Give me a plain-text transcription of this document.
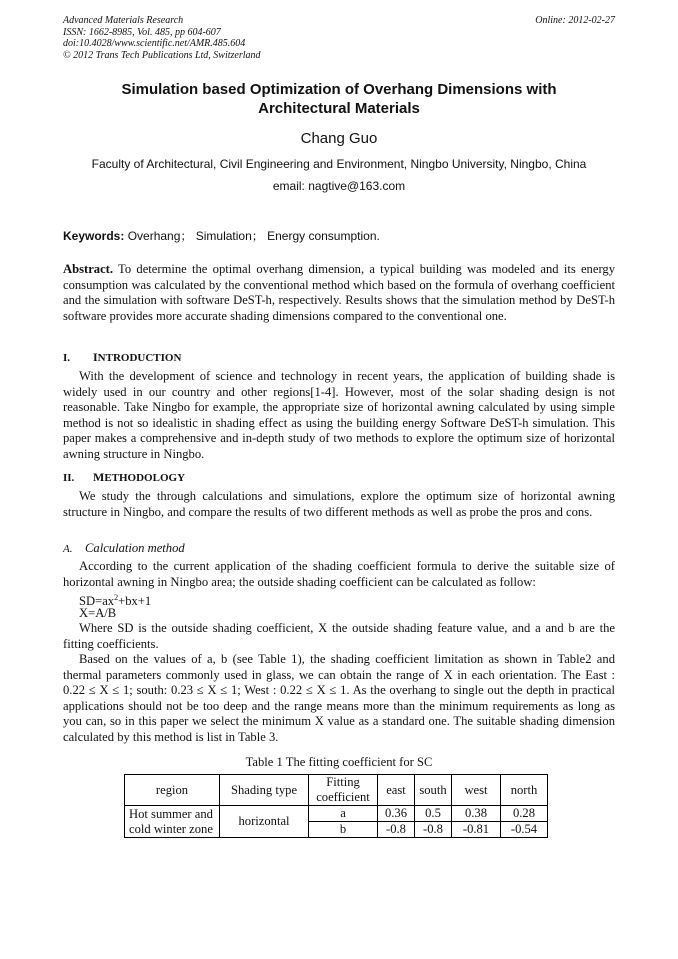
Advanced Materials Research
ISSN: 1662-8985, Vol. 485, pp 604-607
doi:10.4028/www.scientific.net/AMR.485.604
© 2012 Trans Tech Publications Ltd, Switzerland
Online: 2012-02-27
Simulation based Optimization of Overhang Dimensions with
Architectural Materials
Chang Guo
Faculty of Architectural, Civil Engineering and Environment, Ningbo University, Ningbo, China
email: nagtive@163.com
Keywords: Overhang； Simulation； Energy consumption.

Abstract. To determine the optimal overhang dimension, a typical building was modeled and its energy consumption was calculated by the conventional method which based on the formula of overhang coefficient and the simulation with software DeST-h, respectively. Results shows that the simulation method by DeST-h software provides more accurate shading dimensions compared to the conventional one.

I. INTRODUCTION

With the development of science and technology in recent years, the application of building shade is widely used in our country and other regions[1-4]. However, most of the solar shading design is not reasonable. Take Ningbo for example, the appropriate size of horizontal awning calculated by using simple method is not so idealistic in shading effect as using the building energy Software DeST-h simulation. This paper makes a comprehensive and in-depth study of two methods to explore the optimum size of horizontal awning structure in Ningbo.

II. METHODOLOGY

We study the through calculations and simulations, explore the optimum size of horizontal awning structure in Ningbo, and compare the results of two different methods as well as probe the pros and cons.

A. Calculation method

According to the current application of the shading coefficient formula to derive the suitable size of horizontal awning in Ningbo area; the outside shading coefficient can be calculated as follow:

$SD=ax^2+bx+1$
X=A/B

Where SD is the outside shading coefficient, X the outside shading feature value, and a and b are the fitting coefficients.

Based on the values of a, b (see Table 1), the shading coefficient limitation as shown in Table2 and thermal parameters commonly used in glass, we can obtain the range of X in each orientation. The East : 0.22 ≤ X ≤ 1; south: 0.23 ≤ X ≤ 1; West : 0.22 ≤ X ≤ 1. As the overhang to single out the depth in practical applications should not be too deep and the range means more than the minimum requirements as long as you can, so in this paper we select the minimum X value as a standard one. The suitable shading dimension calculated by this method is list in Table 3.

Table 1 The fitting coefficient for SC
region	Shading type	Fitting coefficient	east	south	west	north
Hot summer and cold winter zone	horizontal	a	0.36	0.5	0.38	0.28
		b	-0.8	-0.8	-0.81	-0.54
